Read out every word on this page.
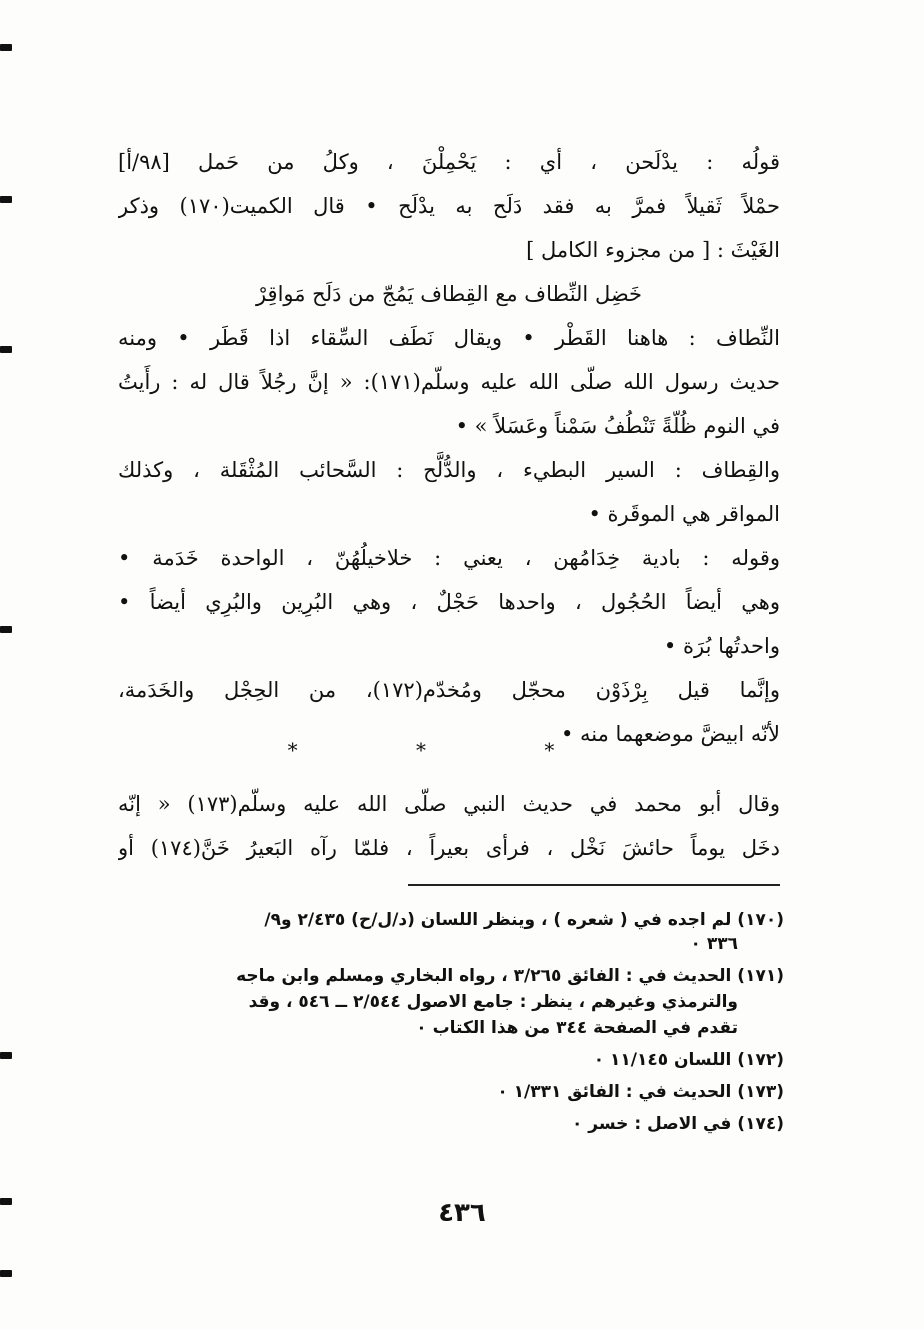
قولُه : يدْلَحن ، أي : يَحْمِلْنَ ، وكلُ من حَمل [٩٨/أ]
حمْلاً ثَقيلاً فمرَّ به فقد دَلَح به يدْلَح • قال الكميت(١٧٠) وذكر
الغَيْثَ : [ من مجزوء الكامل ]
خَضِل النِّطاف مع القِطاف يَمُجّ من دَلَح مَواقِرْ
النِّطاف : هاهنا القَطْر • ويقال نَطَف السِّقاء اذا قَطَر • ومنه
حديث رسول الله صلّى الله عليه وسلّم(١٧١): « إنَّ رجُلاً قال له : رأَيتُ
في النوم ظُلّةً تَنْطُفُ سَمْناً وعَسَلاً » •
والقِطاف : السير البطيء ، والدُّلَّح : السَّحائب المُثْقَلة ، وكذلك
المواقر هي الموقَرة •
وقوله : بادية خِدَامُهن ، يعني : خلاخيلُهُنّ ، الواحدة خَدَمة •
وهي أيضاً الحُجُول ، واحدها حَجْلٌ ، وهي البُرِين والبُرِي أيضاً •
واحدتُها بُرَة •
وإنَّما قيل بِرْذَوْن محجّل ومُخدّم(١٧٢)، من الحِجْل والخَدَمة،
لأنّه ابيضَّ موضعهما منه •
* * *
وقال أبو محمد في حديث النبي صلّى الله عليه وسلّم(١٧٣) « إنّه
دخَل يوماً حائشَ نَخْل ، فرأى بعيراً ، فلمّا رآه البَعيرُ خَنَّ(١٧٤) أو
(١٧٠) لم اجده في ( شعره ) ، وينظر اللسان (د/ل/ح) ٢/٤٣٥ و٩/
٣٣٦ ٠
(١٧١) الحديث في : الفائق ٣/٢٦٥ ، رواه البخاري ومسلم وابن ماجه
والترمذي وغيرهم ، ينظر : جامع الاصول ٢/٥٤٤ ــ ٥٤٦ ، وقد
تقدم في الصفحة ٣٤٤ من هذا الكتاب ٠
(١٧٢) اللسان ١١/١٤٥ ٠
(١٧٣) الحديث في : الفائق ١/٣٣١ ٠
(١٧٤) في الاصل : خسر ٠
٤٣٦
